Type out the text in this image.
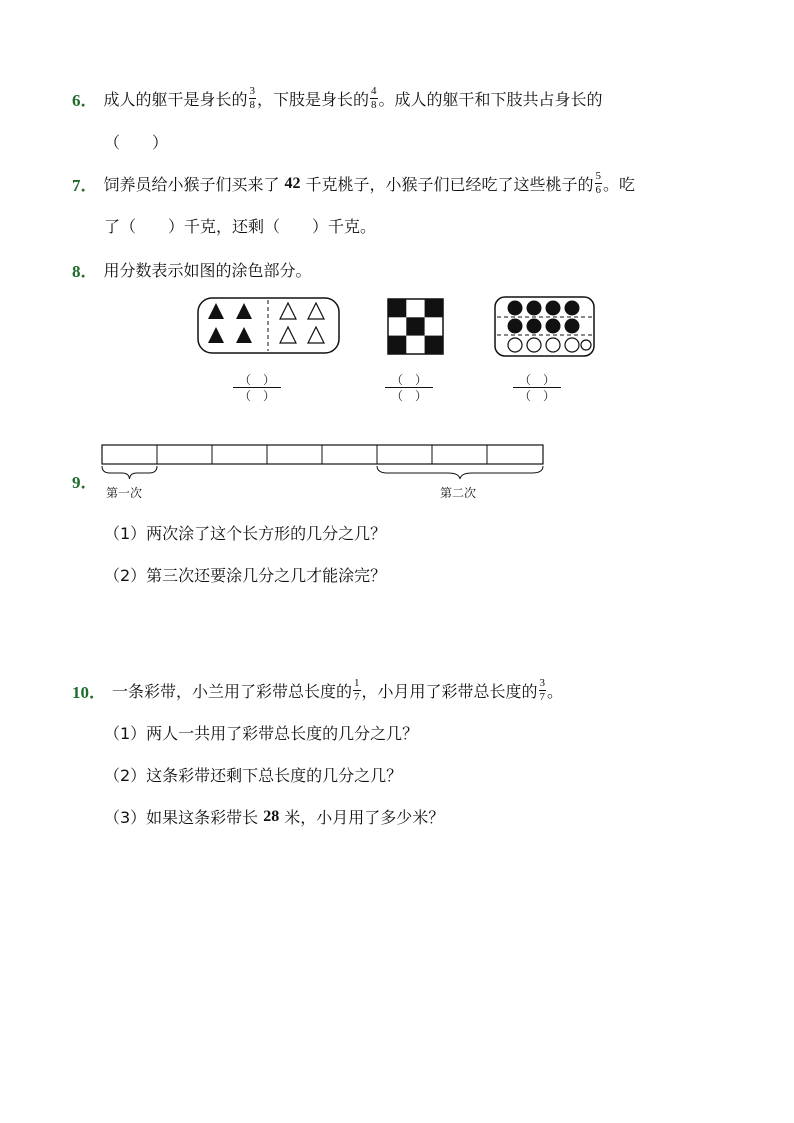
6． 成人的躯干是身长的 $\frac{3}{8}$ ，下肢是身长的 $\frac{4}{8}$ 。成人的躯干和下肢共占身长的
（　　）
7． 饲养员给小猴子们买来了 42 千克桃子，小猴子们已经吃了这些桃子的 $\frac{5}{6}$ 。吃
了（　　）千克，还剩（　　）千克。
8． 用分数表示如图的涂色部分。
（　）
（　）
（　）
（　）
（　）
（　）
9．
第一次	第二次
（1）两次涂了这个长方形的几分之几？
（2）第三次还要涂几分之几才能涂完？
10． 一条彩带，小兰用了彩带总长度的 $\frac{1}{7}$ ，小月用了彩带总长度的 $\frac{3}{7}$ 。
（1）两人一共用了彩带总长度的几分之几？
（2）这条彩带还剩下总长度的几分之几？
（3）如果这条彩带长 28 米，小月用了多少米？
